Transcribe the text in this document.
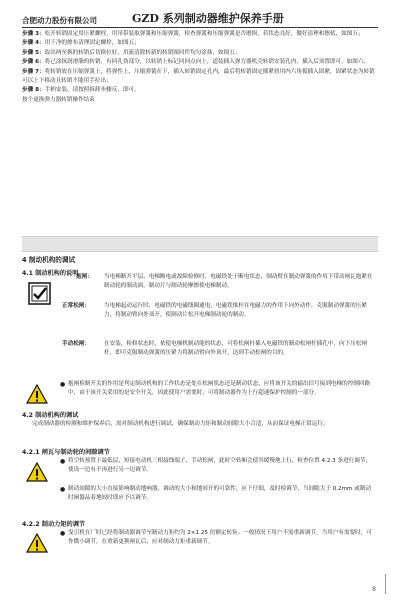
合肥动力股份有限公司	GZD 系列制动器维护保养手册
步骤 3：松开转销固定用压紧螺栓，用吊带装取弹簧和压缩弹簧，检查弹簧和压缩弹簧是否磨损，若状态良好，做好清理和擦拭，如图五；
步骤 4：用干净的擦布清理固定螺栓，如图五；
步骤 5：取出两至换的转销后切换位好，用流清除转新的转销图回件均匀涂抹，如图五；
步骤 6：将已涂抹润滑脂的转销，有回孔伪部分，以转销上标记回回点向上，道装插入弹力器机壳转销安装孔内，插入后顶置即可，如图六；
步骤 7：将转销放在压缩弹簧上，将弹性上，压缩弹簧在下，插入转销固定孔内，最后将转销固定插紧扭用内六角扳插入固紧，固紧状态为转销可以上下移动且转销不能用手拉出；
步骤 8：手柄安装，请按照拆卸步骤反，即可。
按个更换弹力器转销操作结束
4 制动机构的调试
4.1 制动机构的说明
抱闸：	当电梯断开平层、电梯断电或故障检修时，电磁铁处于断电状态，制动臂在制动弹簧的作用下带动闸瓦抱紧在制动轮的制动面，制动片与制动轮摩擦使电梯制动。
正常松闸：	当电梯起动运行时，电磁铁的电磁线圈通电，电磁铁推杆在电磁力的作用下向外动作，克服制动弹簧的压紧力，将制动臂向外顶开，使制动片松开电梯制动轮的制动。
手动松闸：	在安装、检修状态时，依使电梯机制动能的状态，可将松闸杆插入电磁铁的制动松闸杆插孔中，向下压松闸杆，即可克服制动弹簧的压紧力将制动臂向外顶开，达到手动松闸的目的。
● 抱闸检制开关的作用是判定制动机构的工作状态是处在松闸状态还是制动状态，应将该开关的输出信号接到电梯的控制回路中，由于该开关采用的是安全开关，因此使用户需要时，可将制动器作为上行超速保护控制的一部分。
4.2 制动机构的调试
完成制动器的检测和维护保养后，需对制动机构进行调试，确保制动力矩和制动间隙大小合适，从而保证电梯正常运行。
4.2.1 闸瓦与制动轮的间隙调节
● 将空转预置于最低层，短接电动机三相接线端子，手动松闸，此时空转厢会使其缓慢地上行，检查位置 4.2.3 条进行调节，使设一边有不再进行另一边调节。
● 制动间隙的大小直接影响制动地响器，调动的大小和地间开的可靠性，应下仔细，及时检调节，当间隙大于 0.2mm 或制动时闸器品着地较时即应予以调节。
4.2.2 制动力矩的调节
● 曳引机在厂时已经将制动器调节至制动力矩约为 2×1.25 倍额定转矩。一般情况下用户不需重新调节，当用户有需要时，可作微小调节，在重新更换闸瓦后，应对制动力矩重新调节。
8
